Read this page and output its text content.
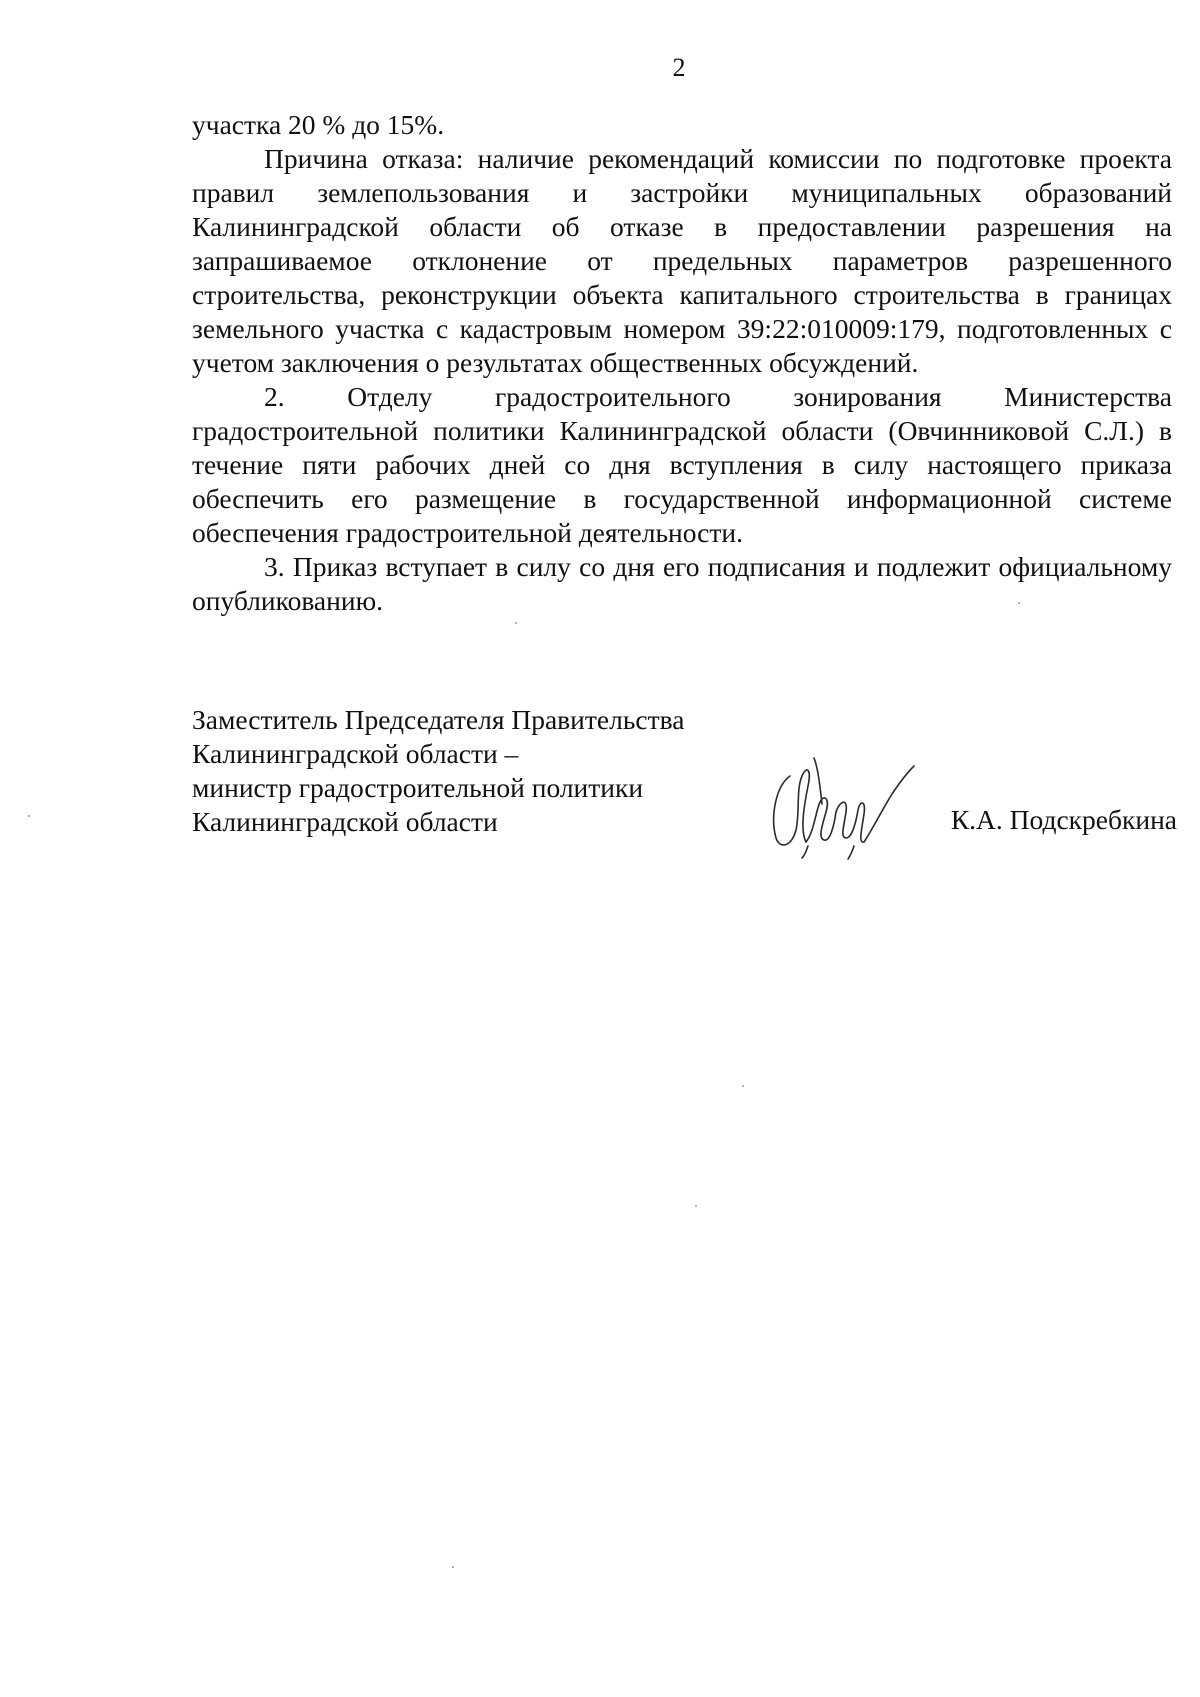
2

участка 20 % до 15%.

Причина отказа: наличие рекомендаций комиссии по подготовке проекта правил землепользования и застройки муниципальных образований Калининградской области об отказе в предоставлении разрешения на запрашиваемое отклонение от предельных параметров разрешенного строительства, реконструкции объекта капитального строительства в границах земельного участка с кадастровым номером 39:22:010009:179, подготовленных с учетом заключения о результатах общественных обсуждений.

2. Отделу градостроительного зонирования Министерства градостроительной политики Калининградской области (Овчинниковой С.Л.) в течение пяти рабочих дней со дня вступления в силу настоящего приказа обеспечить его размещение в государственной информационной системе обеспечения градостроительной деятельности.

3. Приказ вступает в силу со дня его подписания и подлежит официальному опубликованию.

Заместитель Председателя Правительства
Калининградской области –
министр градостроительной политики
Калининградской области	К.А. Подскребкина
